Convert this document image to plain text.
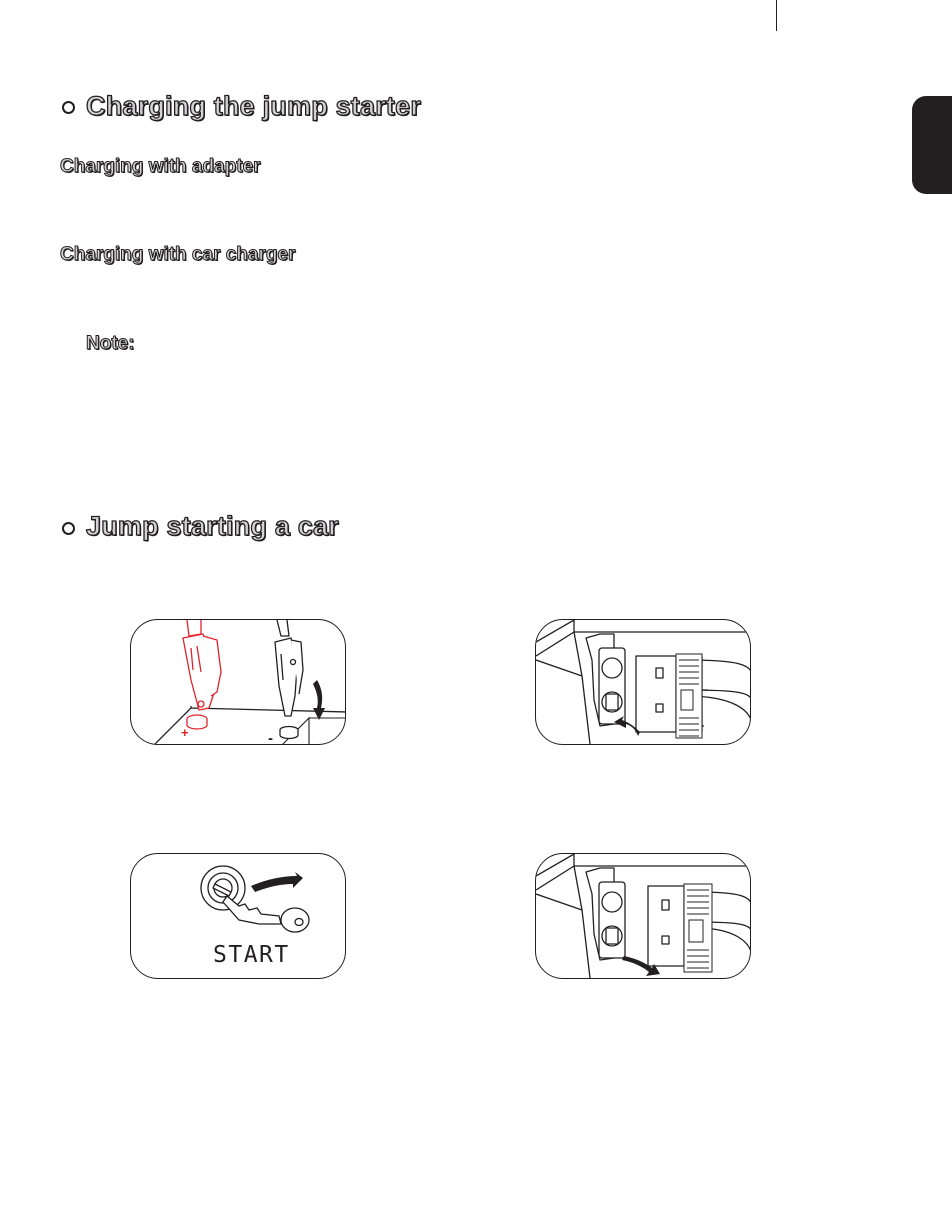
Charging the jump starter
Charging with adapter
Charging with car charger
Note:
Jump starting a car
+	-
START
